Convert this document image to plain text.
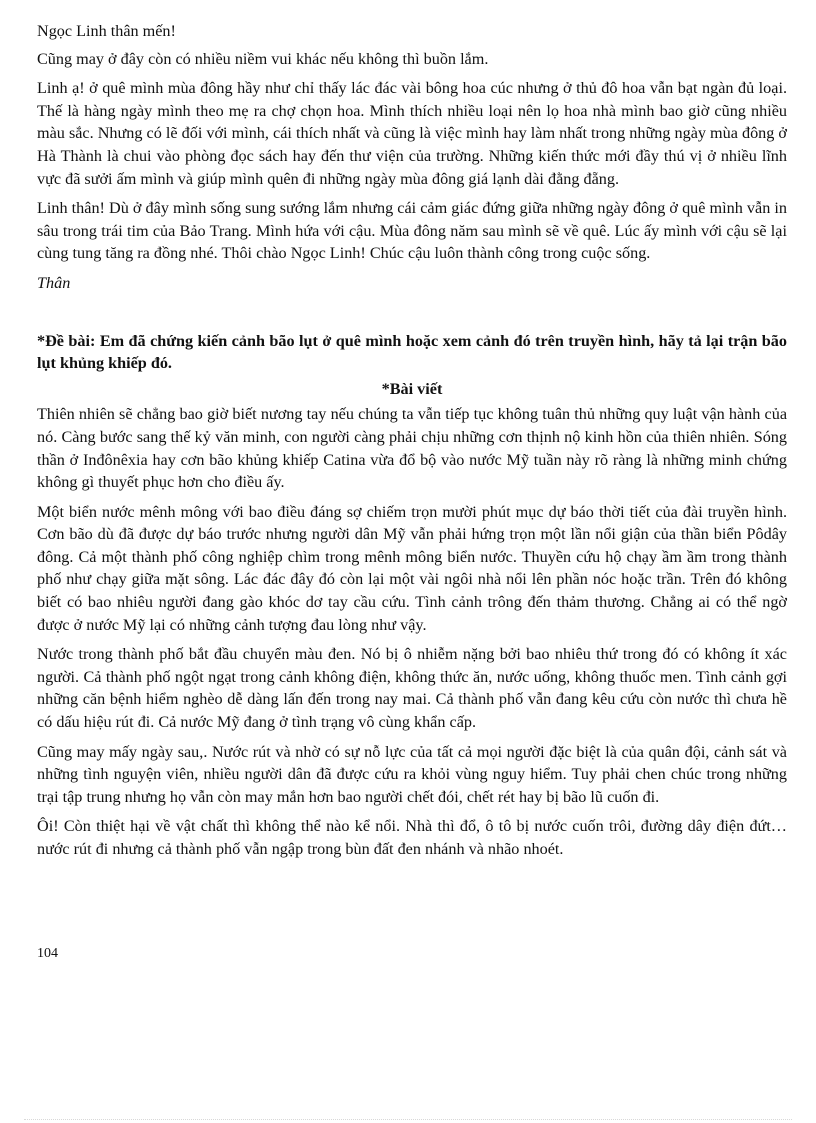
Ngọc Linh thân mến!

Cũng may ở đây còn có nhiều niềm vui khác nếu không thì buồn lắm.

Linh ạ! ở quê mình mùa đông hầy như chỉ thấy lác đác vài bông hoa cúc nhưng ở thủ đô hoa vẫn bạt ngàn đủ loại. Thế là hàng ngày mình theo mẹ ra chợ chọn hoa. Mình thích nhiều loại nên lọ hoa nhà mình bao giờ cũng nhiều màu sắc. Nhưng có lẽ đối với mình, cái thích nhất và cũng là việc mình hay làm nhất trong những ngày mùa đông ở Hà Thành là chui vào phòng đọc sách hay đến thư viện của trường. Những kiến thức mới đầy thú vị ở nhiều lĩnh vực đã sưởi ấm mình và giúp mình quên đi những ngày mùa đông giá lạnh dài đằng đẵng.

Linh thân! Dù ở đây mình sống sung sướng lắm nhưng cái cảm giác đứng giữa những ngày đông ở quê mình vẫn in sâu trong trái tim của Bảo Trang. Mình hứa với cậu. Mùa đông năm sau mình sẽ về quê. Lúc ấy mình với cậu sẽ lại cùng tung tăng ra đồng nhé. Thôi chào Ngọc Linh! Chúc cậu luôn thành công trong cuộc sống.

Thân

*Đề bài: Em đã chứng kiến cảnh bão lụt ở quê mình hoặc xem cảnh đó trên truyền hình, hãy tả lại trận bão lụt khủng khiếp đó.

*Bài viết

Thiên nhiên sẽ chẳng bao giờ biết nương tay nếu chúng ta vẫn tiếp tục không tuân thủ những quy luật vận hành của nó. Càng bước sang thế kỷ văn minh, con người càng phải chịu những cơn thịnh nộ kinh hồn của thiên nhiên. Sóng thần ở Inđônêxia hay cơn bão khủng khiếp Catina vừa đổ bộ vào nước Mỹ tuần này rõ ràng là những minh chứng không gì thuyết phục hơn cho điều ấy.

Một biển nước mênh mông với bao điều đáng sợ chiếm trọn mười phút mục dự báo thời tiết của đài truyền hình. Cơn bão dù đã được dự báo trước nhưng người dân Mỹ vẫn phải hứng trọn một lần nổi giận của thần biển Pôdây đông. Cả một thành phố công nghiệp chìm trong mênh mông biển nước. Thuyền cứu hộ chạy ầm ầm trong thành phố như chạy giữa mặt sông. Lác đác đây đó còn lại một vài ngôi nhà nổi lên phần nóc hoặc trần. Trên đó không biết có bao nhiêu người đang gào khóc dơ tay cầu cứu. Tình cảnh trông đến thảm thương. Chẳng ai có thể ngờ được ở nước Mỹ lại có những cảnh tượng đau lòng như vậy.

Nước trong thành phố bắt đầu chuyển màu đen. Nó bị ô nhiễm nặng bởi bao nhiêu thứ trong đó có không ít xác người. Cả thành phố ngột ngạt trong cảnh không điện, không thức ăn, nước uống, không thuốc men. Tình cảnh gợi những căn bệnh hiểm nghèo dễ dàng lấn đến trong nay mai. Cả thành phố vẫn đang kêu cứu còn nước thì chưa hề có dấu hiệu rút đi. Cả nước Mỹ đang ở tình trạng vô cùng khẩn cấp.

Cũng may mấy ngày sau,. Nước rút và nhờ có sự nỗ lực của tất cả mọi người đặc biệt là của quân đội, cảnh sát và những tình nguyện viên, nhiều người dân đã được cứu ra khỏi vùng nguy hiểm. Tuy phải chen chúc trong những trại tập trung nhưng họ vẫn còn may mắn hơn bao người chết đói, chết rét hay bị bão lũ cuốn đi.

Ôi! Còn thiệt hại về vật chất thì không thể nào kể nổi. Nhà thì đổ, ô tô bị nước cuốn trôi, đường dây điện đứt… nước rút đi nhưng cả thành phố vẫn ngập trong bùn đất đen nhánh và nhão nhoét.

104
